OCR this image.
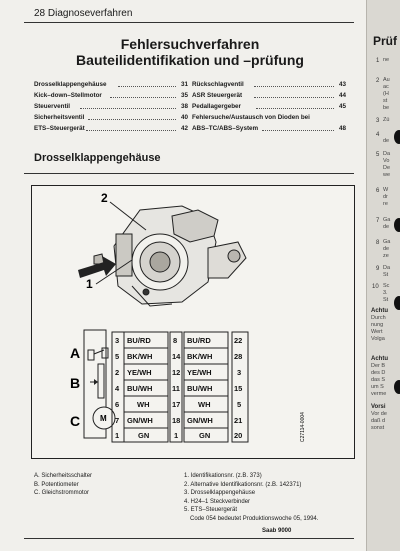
28 Diagnoseverfahren
Fehlersuchverfahren
Bauteilidentifikation und –prüfung
Drosselklappengehäuse	31
Kick–down–Stellmotor	35
Steuerventil	38
Sicherheitsventil	40
ETS–Steuergerät	42
Rückschlagventil	43
ASR Steuergerät	44
Pedallagergeber	45
Fehlersuche/Austausch von Dioden bei
ABS–TC/ABS–System	48
Drosselklappengehäuse
2
1
M
A
B
C
3 BU/RD	8 BU/RD	22
5 BK/WH	14 BK/WH	28
2 YE/WH	12 YE/WH	3
4 BU/WH	11 BU/WH	15
6 WH	17 WH	5
7 GN/WH	18 GN/WH	21
1	GN	1	GN	20	C27114-0004
A. Sicherheitsschalter
B. Potentiometer
C. Gleichstrommotor
1. Identifikationsnr. (z.B. 373)
2. Alternative Identifikationsnr. (z.B. 142371)
3. Drosselklappengehäuse
4. H24–1 Steckverbinder
5. ETS–Steuergerät
Code 054 bedeutet Produktionswoche 05, 1994.
Saab 9000
Prüf
1 ne
2 Au
ac
(H
st
be
3 Zü
4
de
5 Da
Vo
De
we
6 W
dr
re
7 Ga
de
8 Ga
de
ze
9 Da
St
10 Sc
3.
St
Achtu
Durch
nung
Wert
Volga
Achtu
Der B
des D
das S
um S
verme
Vorsi
Vor de
daß d
sonst
